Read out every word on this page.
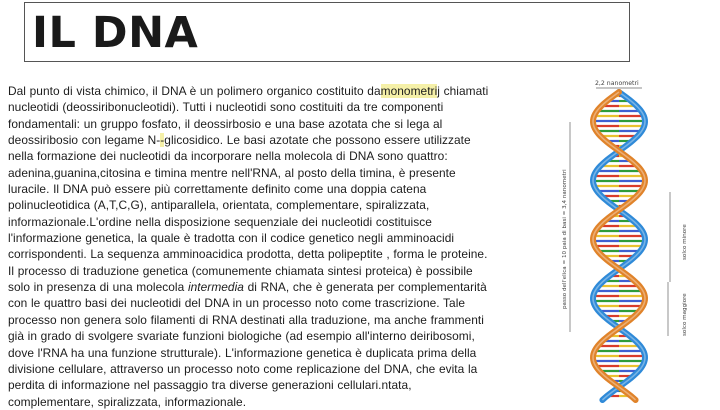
IL DNA
Dal punto di vista chimico, il DNA è un polimero organico costituito damonometrij chiamati
nucleotidi (deossiribonucleotidi). Tutti i nucleotidi sono costituiti da tre componenti
fondamentali: un gruppo fosfato, il deossirbosio e una base azotata che si lega al
deossiribosio con legame N--glicosidico. Le basi azotate che possono essere utilizzate
nella formazione dei nucleotidi da incorporare nella molecola di DNA sono quattro:
adenina,guanina,citosina e timina mentre nell'RNA, al posto della timina, è presente
luracile. Il DNA può essere più correttamente definito come una doppia catena
polinucleotidica (A,T,C,G), antiparallela, orientata, complementare, spiralizzata,
informazionale.L'ordine nella disposizione sequenziale dei nucleotidi costituisce
l'informazione genetica, la quale è tradotta con il codice genetico negli amminoacidi
corrispondenti. La sequenza amminoacidica prodotta, detta polipeptite , forma le proteine.
Il processo di traduzione genetica (comunemente chiamata sintesi proteica) è possibile
solo in presenza di una molecola intermedia di RNA, che è generata per complementarità
con le quattro basi dei nucleotidi del DNA in un processo noto come trascrizione. Tale
processo non genera solo filamenti di RNA destinati alla traduzione, ma anche frammenti
già in grado di svolgere svariate funzioni biologiche (ad esempio all'interno deiribosomi,
dove l'RNA ha una funzione strutturale). L'informazione genetica è duplicata prima della
divisione cellulare, attraverso un processo noto come replicazione del DNA, che evita la
perdita di informazione nel passaggio tra diverse generazioni cellulari.ntata,
complementare, spiralizzata, informazionale.
2,2 nanometri
passo dell'elica = 10 paia di basi = 3,4 nanometri	solco minore
solco maggiore
